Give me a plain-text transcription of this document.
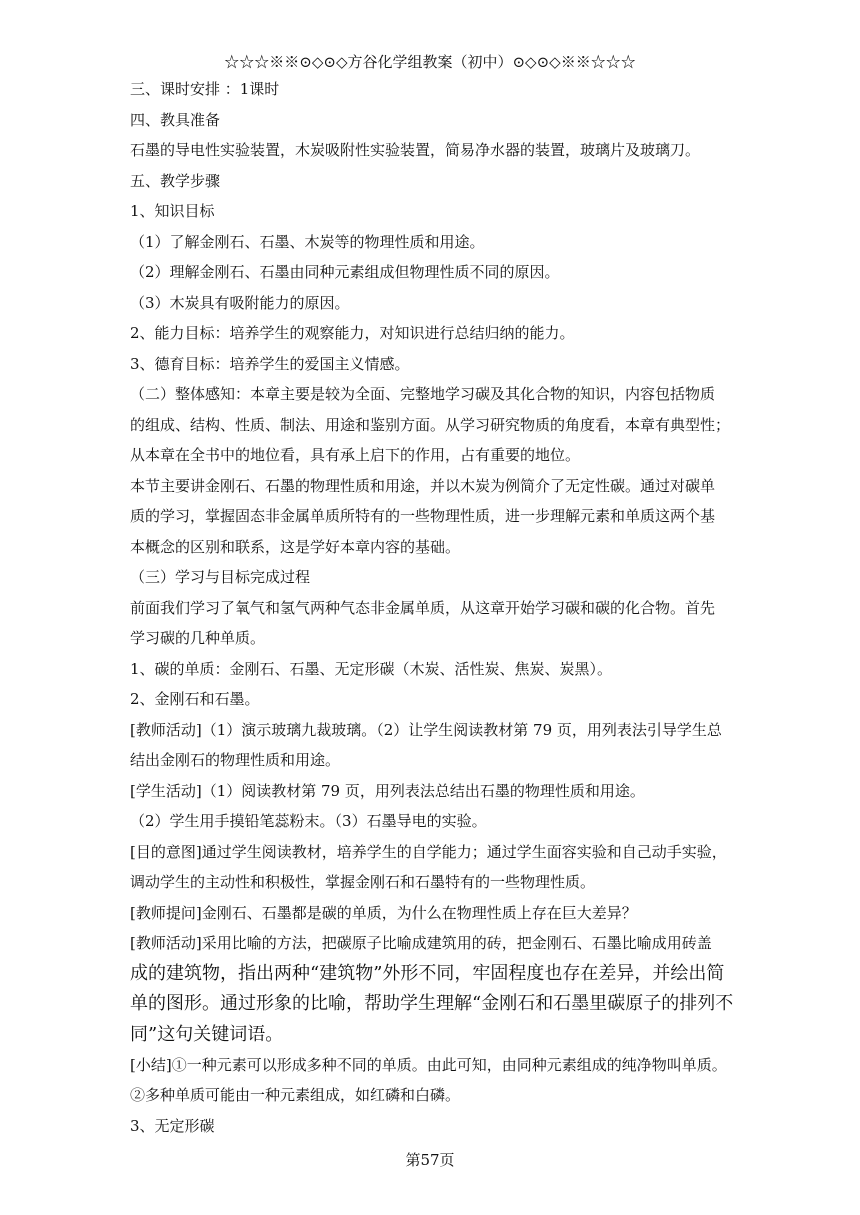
☆☆☆※※⊙◇⊙◇方谷化学组教案（初中）⊙◇⊙◇※※☆☆☆
三、课时安排 ：1课时
四、教具准备
石墨的导电性实验装置，木炭吸附性实验装置，简易净水器的装置，玻璃片及玻璃刀。
五、教学步骤
1、知识目标
（1）了解金刚石、石墨、木炭等的物理性质和用途。
（2）理解金刚石、石墨由同种元素组成但物理性质不同的原因。
（3）木炭具有吸附能力的原因。
2、能力目标：培养学生的观察能力，对知识进行总结归纳的能力。
3、德育目标：培养学生的爱国主义情感。
（二）整体感知：本章主要是较为全面、完整地学习碳及其化合物的知识，内容包括物质
的组成、结构、性质、制法、用途和鉴别方面。从学习研究物质的角度看，本章有典型性；
从本章在全书中的地位看，具有承上启下的作用，占有重要的地位。
本节主要讲金刚石、石墨的物理性质和用途，并以木炭为例简介了无定性碳。通过对碳单
质的学习，掌握固态非金属单质所特有的一些物理性质，进一步理解元素和单质这两个基
本概念的区别和联系，这是学好本章内容的基础。
（三）学习与目标完成过程
前面我们学习了氧气和氢气两种气态非金属单质，从这章开始学习碳和碳的化合物。首先
学习碳的几种单质。
1、碳的单质：金刚石、石墨、无定形碳（木炭、活性炭、焦炭、炭黑）。
2、金刚石和石墨。
[教师活动]（1）演示玻璃九裁玻璃。（2）让学生阅读教材第 79 页，用列表法引导学生总
结出金刚石的物理性质和用途。
[学生活动]（1）阅读教材第 79 页，用列表法总结出石墨的物理性质和用途。
（2）学生用手摸铅笔蕊粉末。（3）石墨导电的实验。
[目的意图]通过学生阅读教材，培养学生的自学能力；通过学生面容实验和自己动手实验，
调动学生的主动性和积极性，掌握金刚石和石墨特有的一些物理性质。
[教师提问]金刚石、石墨都是碳的单质，为什么在物理性质上存在巨大差异？
[教师活动]采用比喻的方法，把碳原子比喻成建筑用的砖，把金刚石、石墨比喻成用砖盖
成的建筑物，指出两种“建筑物”外形不同，牢固程度也存在差异，并绘出简
单的图形。通过形象的比喻，帮助学生理解“金刚石和石墨里碳原子的排列不
同”这句关键词语。
[小结]①一种元素可以形成多种不同的单质。由此可知，由同种元素组成的纯净物叫单质。
②多种单质可能由一种元素组成，如红磷和白磷。
3、无定形碳
第57页
